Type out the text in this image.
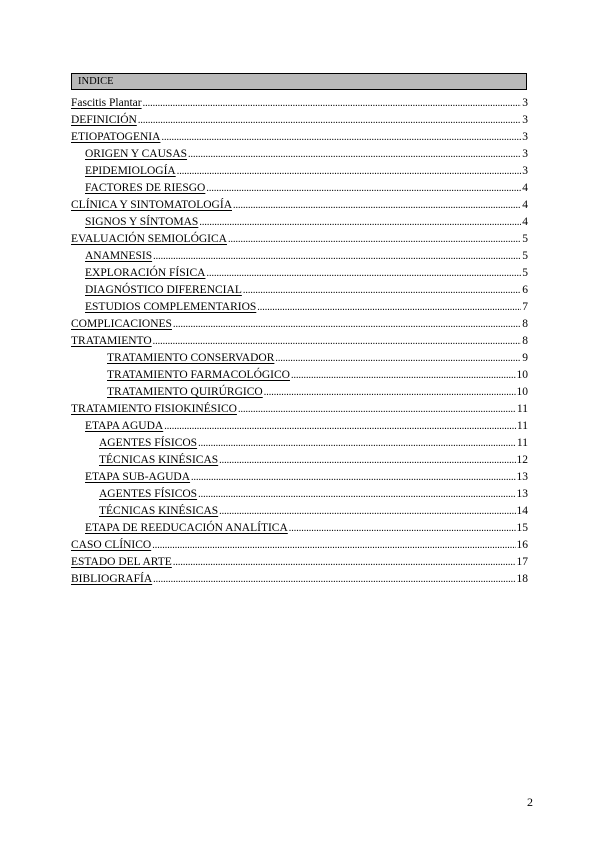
INDICE
Fascitis Plantar .....	3
DEFINICIÓN .....	3
ETIOPATOGENIA .....	3
ORIGEN Y CAUSAS .....	3
EPIDEMIOLOGÍA .....	3
FACTORES DE RIESGO .....	4
CLÍNICA Y SINTOMATOLOGÍA .....	4
SIGNOS Y SÍNTOMAS .....	4
EVALUACIÓN SEMIOLÓGICA .....	5
ANAMNESIS .....	5
EXPLORACIÓN FÍSICA .....	5
DIAGNÓSTICO DIFERENCIAL .....	6
ESTUDIOS COMPLEMENTARIOS .....	7
COMPLICACIONES .....	8
TRATAMIENTO .....	8
TRATAMIENTO CONSERVADOR .....	9
TRATAMIENTO FARMACOLÓGICO .....	10
TRATAMIENTO QUIRÚRGICO .....	10
TRATAMIENTO FISIOKINÉSICO .....	11
ETAPA AGUDA .....	11
AGENTES FÍSICOS .....	11
TÉCNICAS KINÉSICAS .....	12
ETAPA SUB-AGUDA .....	13
AGENTES FÍSICOS .....	13
TÉCNICAS KINÉSICAS .....	14
ETAPA DE REEDUCACIÓN ANALÍTICA .....	15
CASO CLÍNICO .....	16
ESTADO DEL ARTE .....	17
BIBLIOGRAFÍA .....	18
2
